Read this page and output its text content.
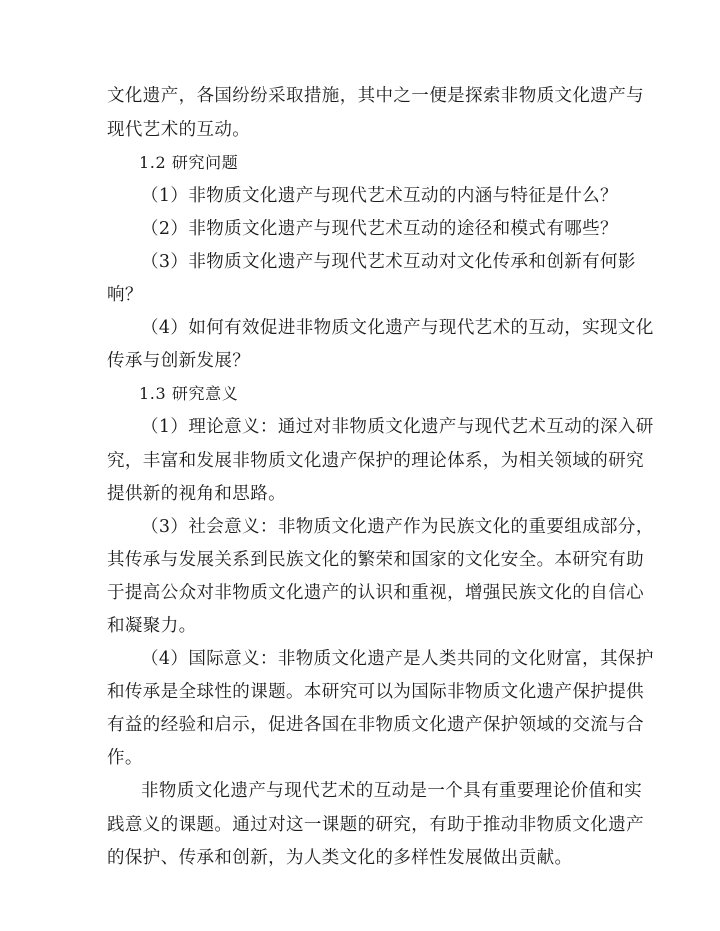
文化遗产，各国纷纷采取措施，其中之一便是探索非物质文化遗产与
现代艺术的互动。
1.2 研究问题
（1）非物质文化遗产与现代艺术互动的内涵与特征是什么？
（2）非物质文化遗产与现代艺术互动的途径和模式有哪些？
（3）非物质文化遗产与现代艺术互动对文化传承和创新有何影
响？
（4）如何有效促进非物质文化遗产与现代艺术的互动，实现文化
传承与创新发展？
1.3 研究意义
（1）理论意义：通过对非物质文化遗产与现代艺术互动的深入研
究，丰富和发展非物质文化遗产保护的理论体系，为相关领域的研究
提供新的视角和思路。
（3）社会意义：非物质文化遗产作为民族文化的重要组成部分，
其传承与发展关系到民族文化的繁荣和国家的文化安全。本研究有助
于提高公众对非物质文化遗产的认识和重视，增强民族文化的自信心
和凝聚力。
（4）国际意义：非物质文化遗产是人类共同的文化财富，其保护
和传承是全球性的课题。本研究可以为国际非物质文化遗产保护提供
有益的经验和启示，促进各国在非物质文化遗产保护领域的交流与合
作。
非物质文化遗产与现代艺术的互动是一个具有重要理论价值和实
践意义的课题。通过对这一课题的研究，有助于推动非物质文化遗产
的保护、传承和创新，为人类文化的多样性发展做出贡献。
